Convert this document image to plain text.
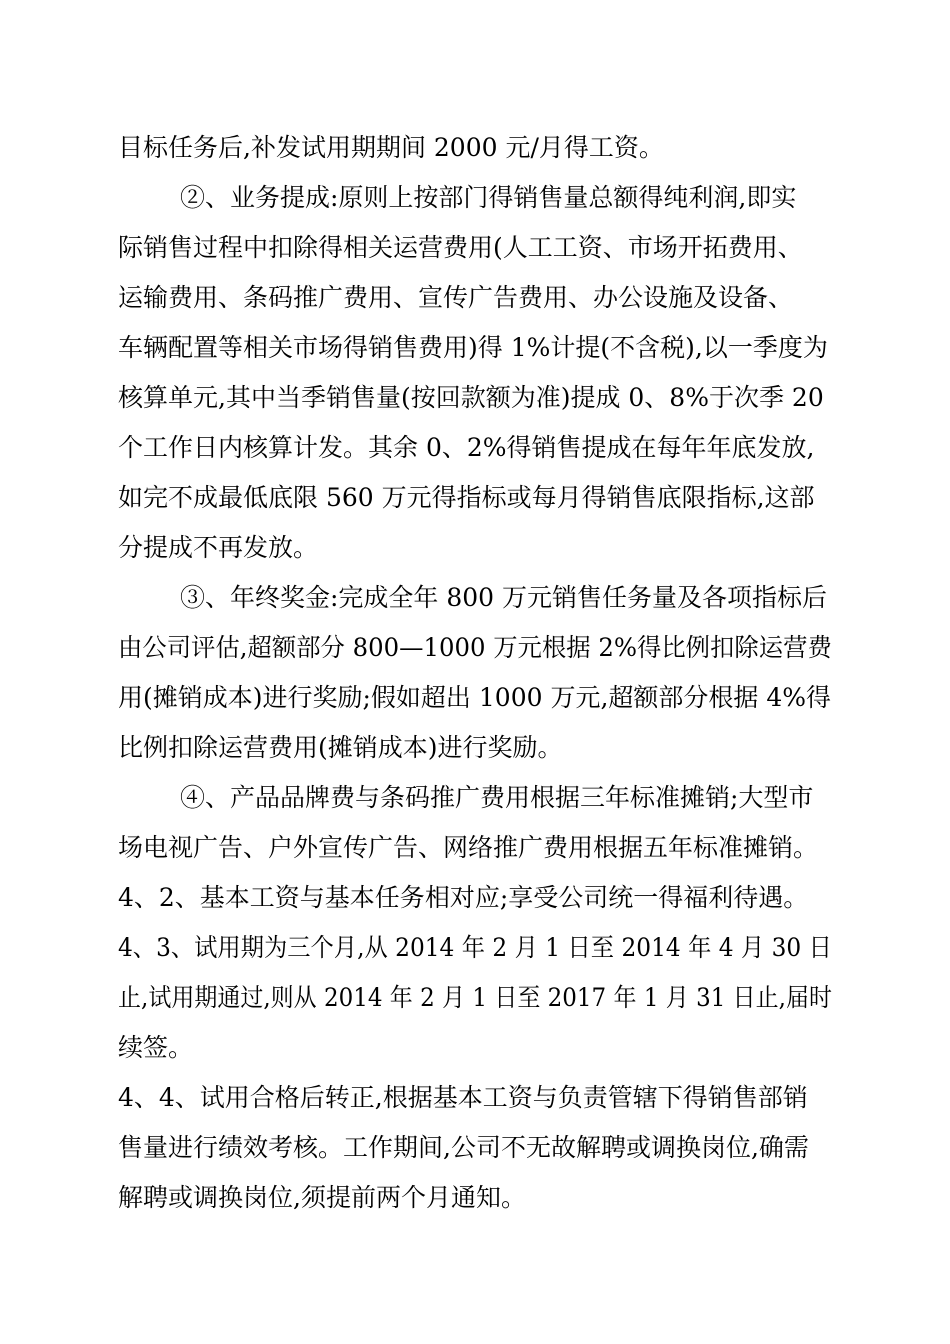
目标任务后,补发试用期期间 2000 元/月得工资。
②、业务提成:原则上按部门得销售量总额得纯利润,即实
际销售过程中扣除得相关运营费用(人工工资、市场开拓费用、
运输费用、条码推广费用、宣传广告费用、办公设施及设备、
车辆配置等相关市场得销售费用)得 1%计提(不含税),以一季度为
核算单元,其中当季销售量(按回款额为准)提成 0、8%于次季 20
个工作日内核算计发。其余 0、2%得销售提成在每年年底发放,
如完不成最低底限 560 万元得指标或每月得销售底限指标,这部
分提成不再发放。
③、年终奖金:完成全年 800 万元销售任务量及各项指标后
由公司评估,超额部分 800—1000 万元根据 2%得比例扣除运营费
用(摊销成本)进行奖励;假如超出 1000 万元,超额部分根据 4%得
比例扣除运营费用(摊销成本)进行奖励。
④、产品品牌费与条码推广费用根据三年标准摊销;大型市
场电视广告、户外宣传广告、网络推广费用根据五年标准摊销。
4、2、基本工资与基本任务相对应;享受公司统一得福利待遇。
4、3、试用期为三个月,从 2014 年 2 月 1 日至 2014 年 4 月 30 日
止,试用期通过,则从 2014 年 2 月 1 日至 2017 年 1 月 31 日止,届时
续签。
4、4、试用合格后转正,根据基本工资与负责管辖下得销售部销
售量进行绩效考核。工作期间,公司不无故解聘或调换岗位,确需
解聘或调换岗位,须提前两个月通知。
